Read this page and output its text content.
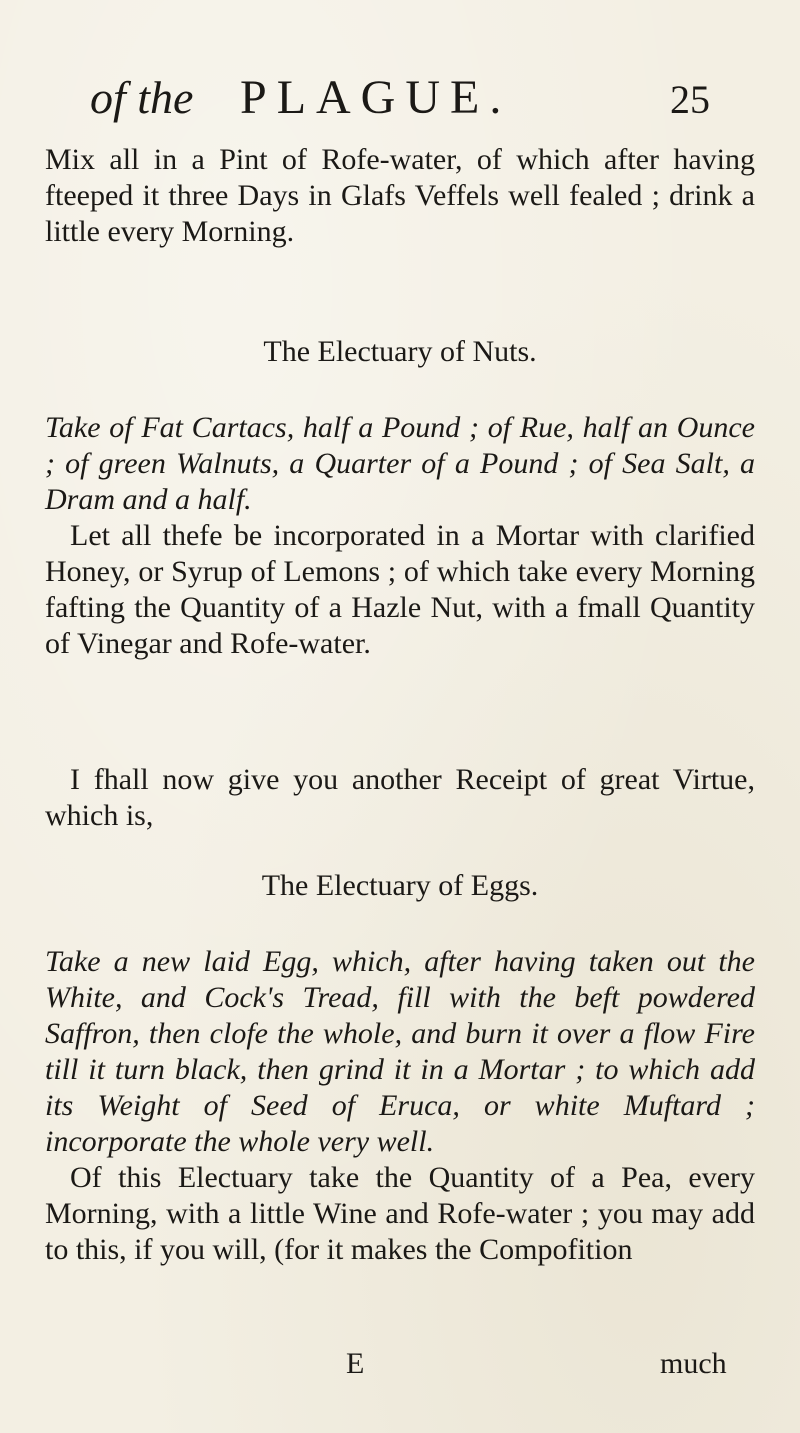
of the PLAGUE.	25

Mix all in a Pint of Rofe-water, of which after having fteeped it three Days in Glafs Veffels well fealed ; drink a little every Morning.

The Electuary of Nuts.

Take of Fat Cartacs, half a Pound ; of Rue, half an Ounce ; of green Walnuts, a Quarter of a Pound ; of Sea Salt, a Dram and a half.

Let all thefe be incorporated in a Mortar with clarified Honey, or Syrup of Lemons ; of which take every Morning fafting the Quantity of a Hazle Nut, with a fmall Quantity of Vinegar and Rofe-water.

I fhall now give you another Receipt of great Virtue, which is,

The Electuary of Eggs.

Take a new laid Egg, which, after having taken out the White, and Cock's Tread, fill with the beft powdered Saffron, then clofe the whole, and burn it over a flow Fire till it turn black, then grind it in a Mortar ; to which add its Weight of Seed of Eruca, or white Muftard ; incorporate the whole very well.

Of this Electuary take the Quantity of a Pea, every Morning, with a little Wine and Rofe-water ; you may add to this, if you will, (for it makes the Compofition

E	much
